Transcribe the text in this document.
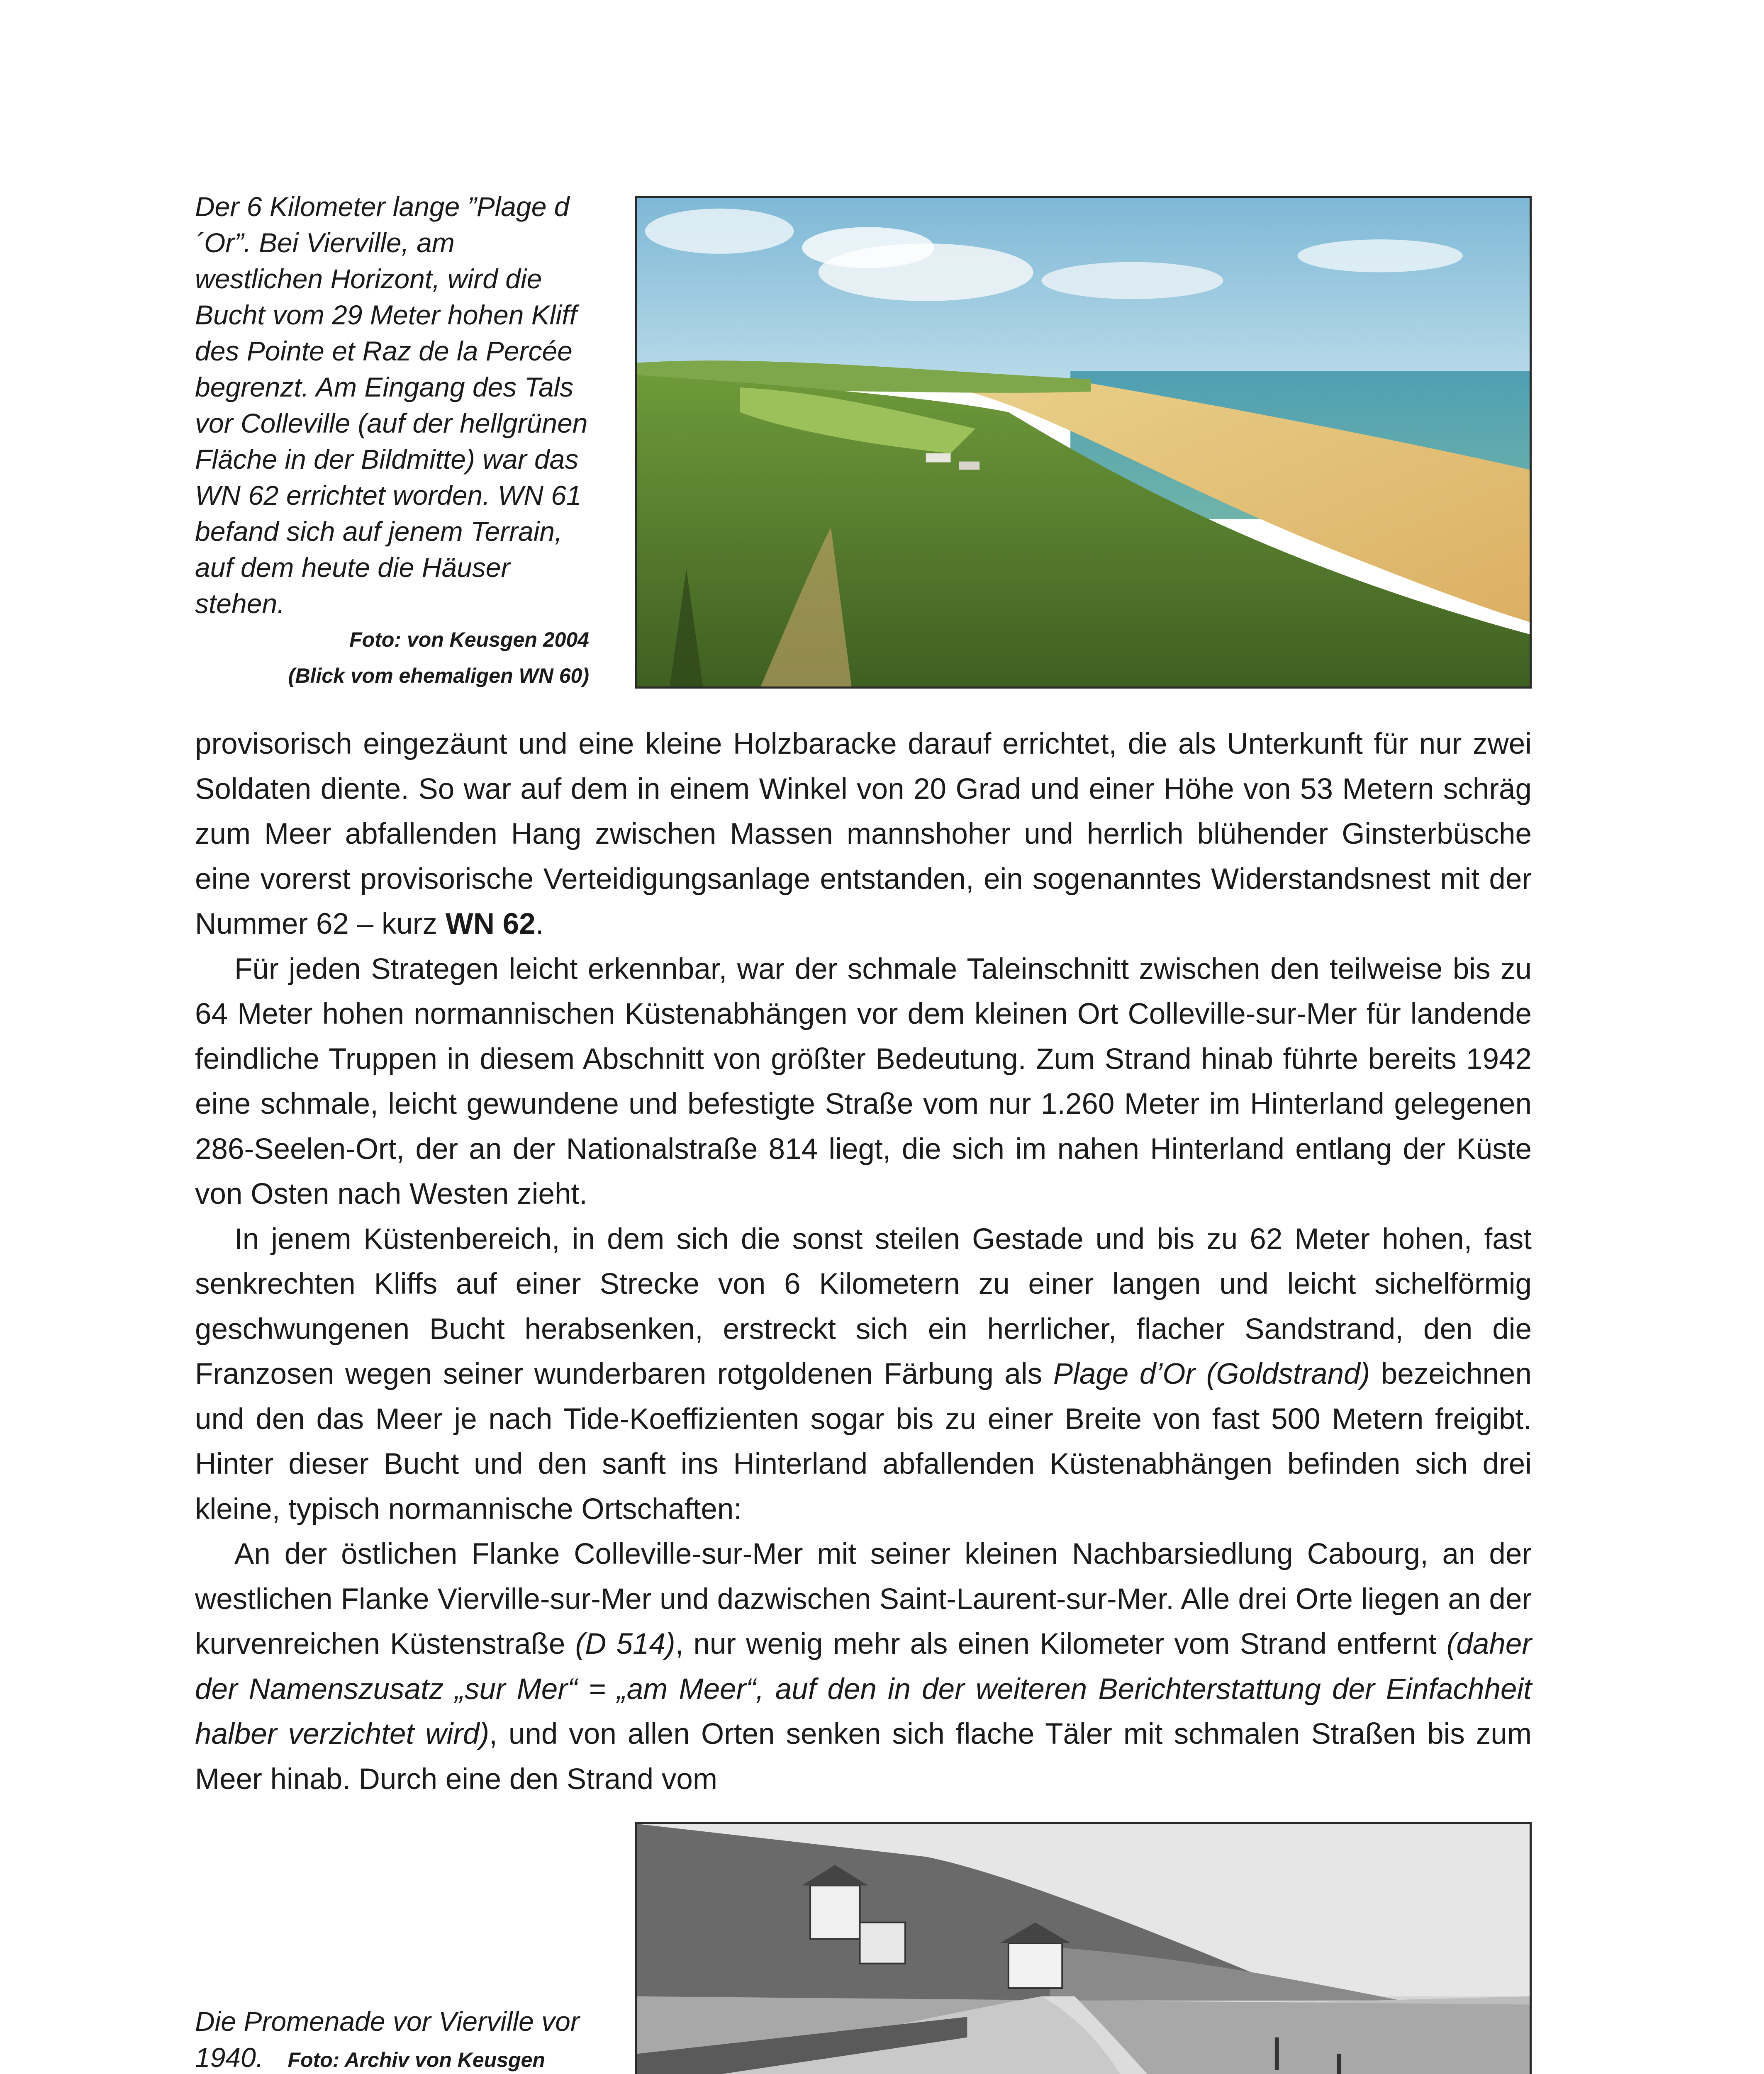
Der 6 Kilometer lange ”Plage d´Or”. Bei Vierville, am westlichen Horizont, wird die Bucht vom 29 Meter hohen Kliff des Pointe et Raz de la Percée begrenzt. Am Eingang des Tals vor Colleville (auf der hellgrünen Fläche in der Bildmitte) war das WN 62 errichtet worden. WN 61 befand sich auf jenem Terrain, auf dem heute die Häuser stehen.
Foto: von Keusgen 2004
(Blick vom ehemaligen WN 60)

provisorisch eingezäunt und eine kleine Holzbaracke darauf errichtet, die als Unterkunft für nur zwei Soldaten diente. So war auf dem in einem Winkel von 20 Grad und einer Höhe von 53 Metern schräg zum Meer abfallenden Hang zwischen Massen mannshoher und herrlich blühender Ginsterbüsche eine vorerst provisorische Verteidigungsanlage entstanden, ein sogenanntes Widerstandsnest mit der Nummer 62 – kurz WN 62.

Für jeden Strategen leicht erkennbar, war der schmale Taleinschnitt zwischen den teilweise bis zu 64 Meter hohen normannischen Küstenabhängen vor dem kleinen Ort Colleville-sur-Mer für landende feindliche Truppen in diesem Abschnitt von größter Bedeutung. Zum Strand hinab führte bereits 1942 eine schmale, leicht gewundene und befestigte Straße vom nur 1.260 Meter im Hinterland gelegenen 286-Seelen-Ort, der an der Nationalstraße 814 liegt, die sich im nahen Hinterland entlang der Küste von Osten nach Westen zieht.

In jenem Küstenbereich, in dem sich die sonst steilen Gestade und bis zu 62 Meter hohen, fast senkrechten Kliffs auf einer Strecke von 6 Kilometern zu einer langen und leicht sichelförmig geschwungenen Bucht herabsenken, erstreckt sich ein herrlicher, flacher Sandstrand, den die Franzosen wegen seiner wunderbaren rotgoldenen Färbung als Plage d’Or (Goldstrand) bezeichnen und den das Meer je nach Tide-Koeffizienten sogar bis zu einer Breite von fast 500 Metern freigibt. Hinter dieser Bucht und den sanft ins Hinterland abfallenden Küstenabhängen befinden sich drei kleine, typisch normannische Ortschaften:

An der östlichen Flanke Colleville-sur-Mer mit seiner kleinen Nachbarsiedlung Cabourg, an der westlichen Flanke Vierville-sur-Mer und dazwischen Saint-Laurent-sur-Mer. Alle drei Orte liegen an der kurvenreichen Küstenstraße (D 514), nur wenig mehr als einen Kilometer vom Strand entfernt (daher der Namenszusatz „sur Mer“ = „am Meer“, auf den in der weiteren Berichterstattung der Einfachheit halber verzichtet wird), und von allen Orten senken sich flache Täler mit schmalen Straßen bis zum Meer hinab. Durch eine den Strand vom

Die Promenade vor Vierville vor 1940. Foto: Archiv von Keusgen
